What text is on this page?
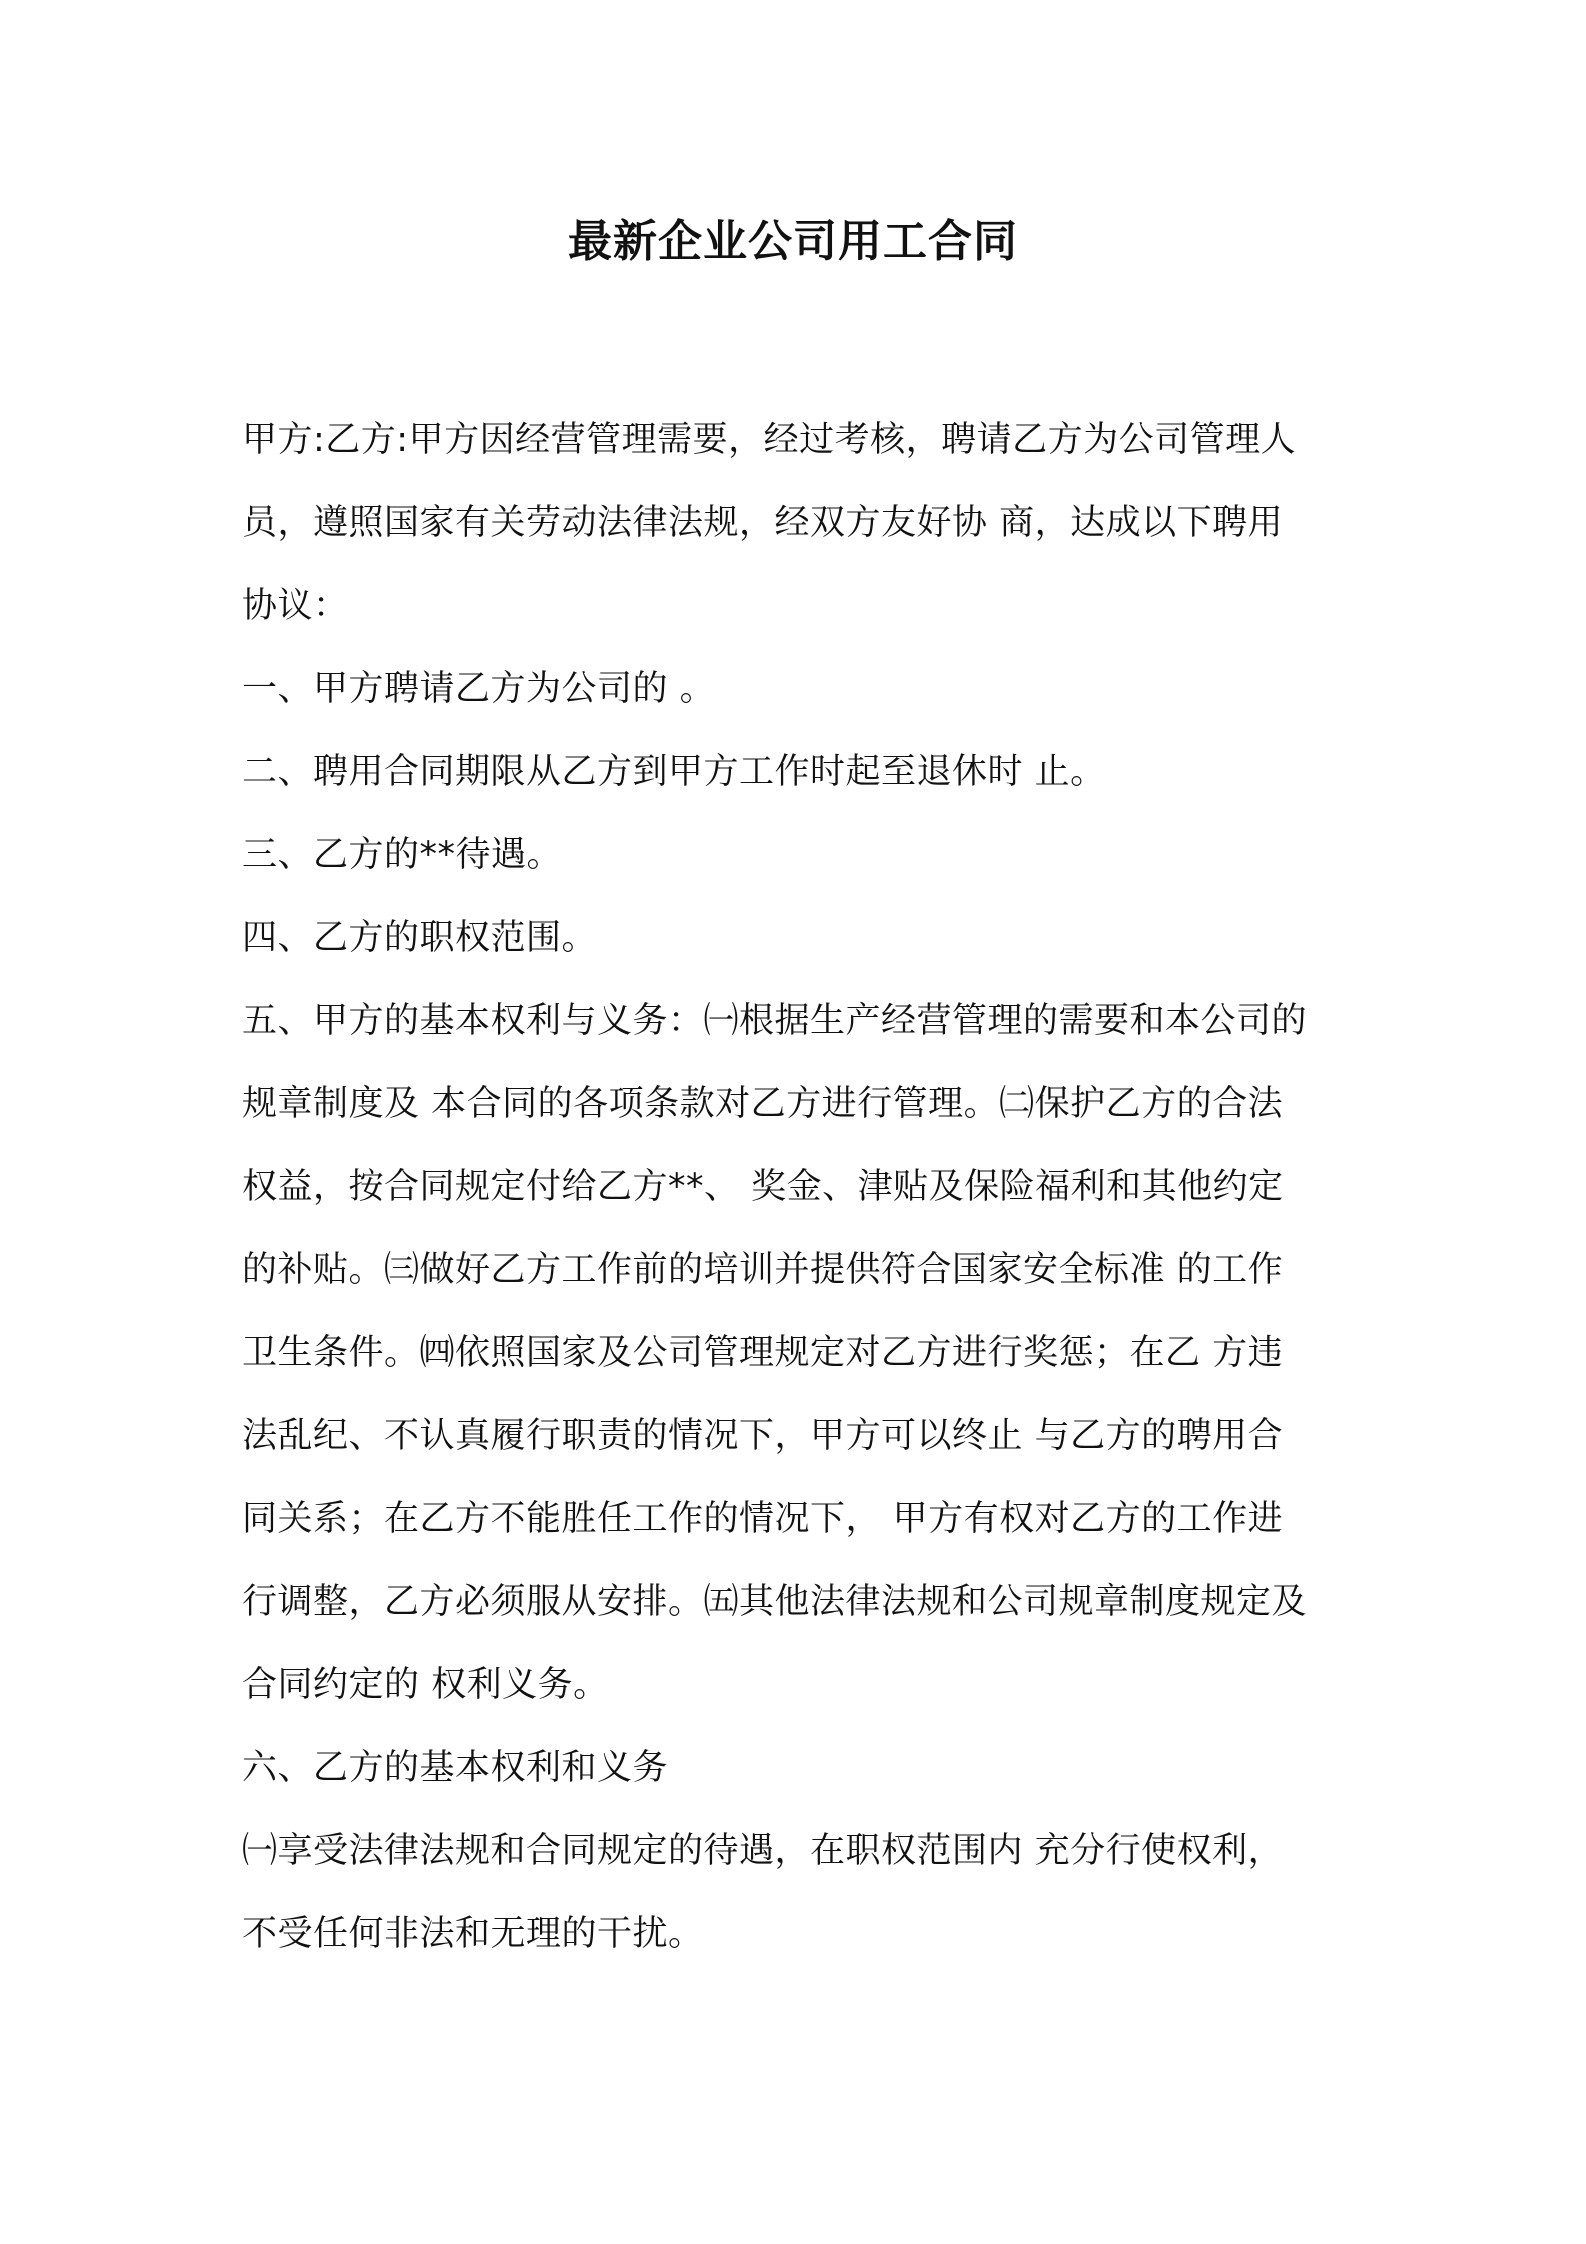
最新企业公司用工合同
甲方:乙方:甲方因经营管理需要，经过考核，聘请乙方为公司管理人
员，遵照国家有关劳动法律法规，经双方友好协 商，达成以下聘用
协议：
一、甲方聘请乙方为公司的 。
二、聘用合同期限从乙方到甲方工作时起至退休时 止。
三、乙方的**待遇。
四、乙方的职权范围。
五、甲方的基本权利与义务：㈠根据生产经营管理的需要和本公司的
规章制度及 本合同的各项条款对乙方进行管理。㈡保护乙方的合法
权益，按合同规定付给乙方**、 奖金、津贴及保险福利和其他约定
的补贴。㈢做好乙方工作前的培训并提供符合国家安全标准 的工作
卫生条件。㈣依照国家及公司管理规定对乙方进行奖惩；在乙 方违
法乱纪、不认真履行职责的情况下，甲方可以终止 与乙方的聘用合
同关系；在乙方不能胜任工作的情况下， 甲方有权对乙方的工作进
行调整，乙方必须服从安排。㈤其他法律法规和公司规章制度规定及
合同约定的 权利义务。
六、乙方的基本权利和义务
㈠享受法律法规和合同规定的待遇，在职权范围内 充分行使权利，
不受任何非法和无理的干扰。
